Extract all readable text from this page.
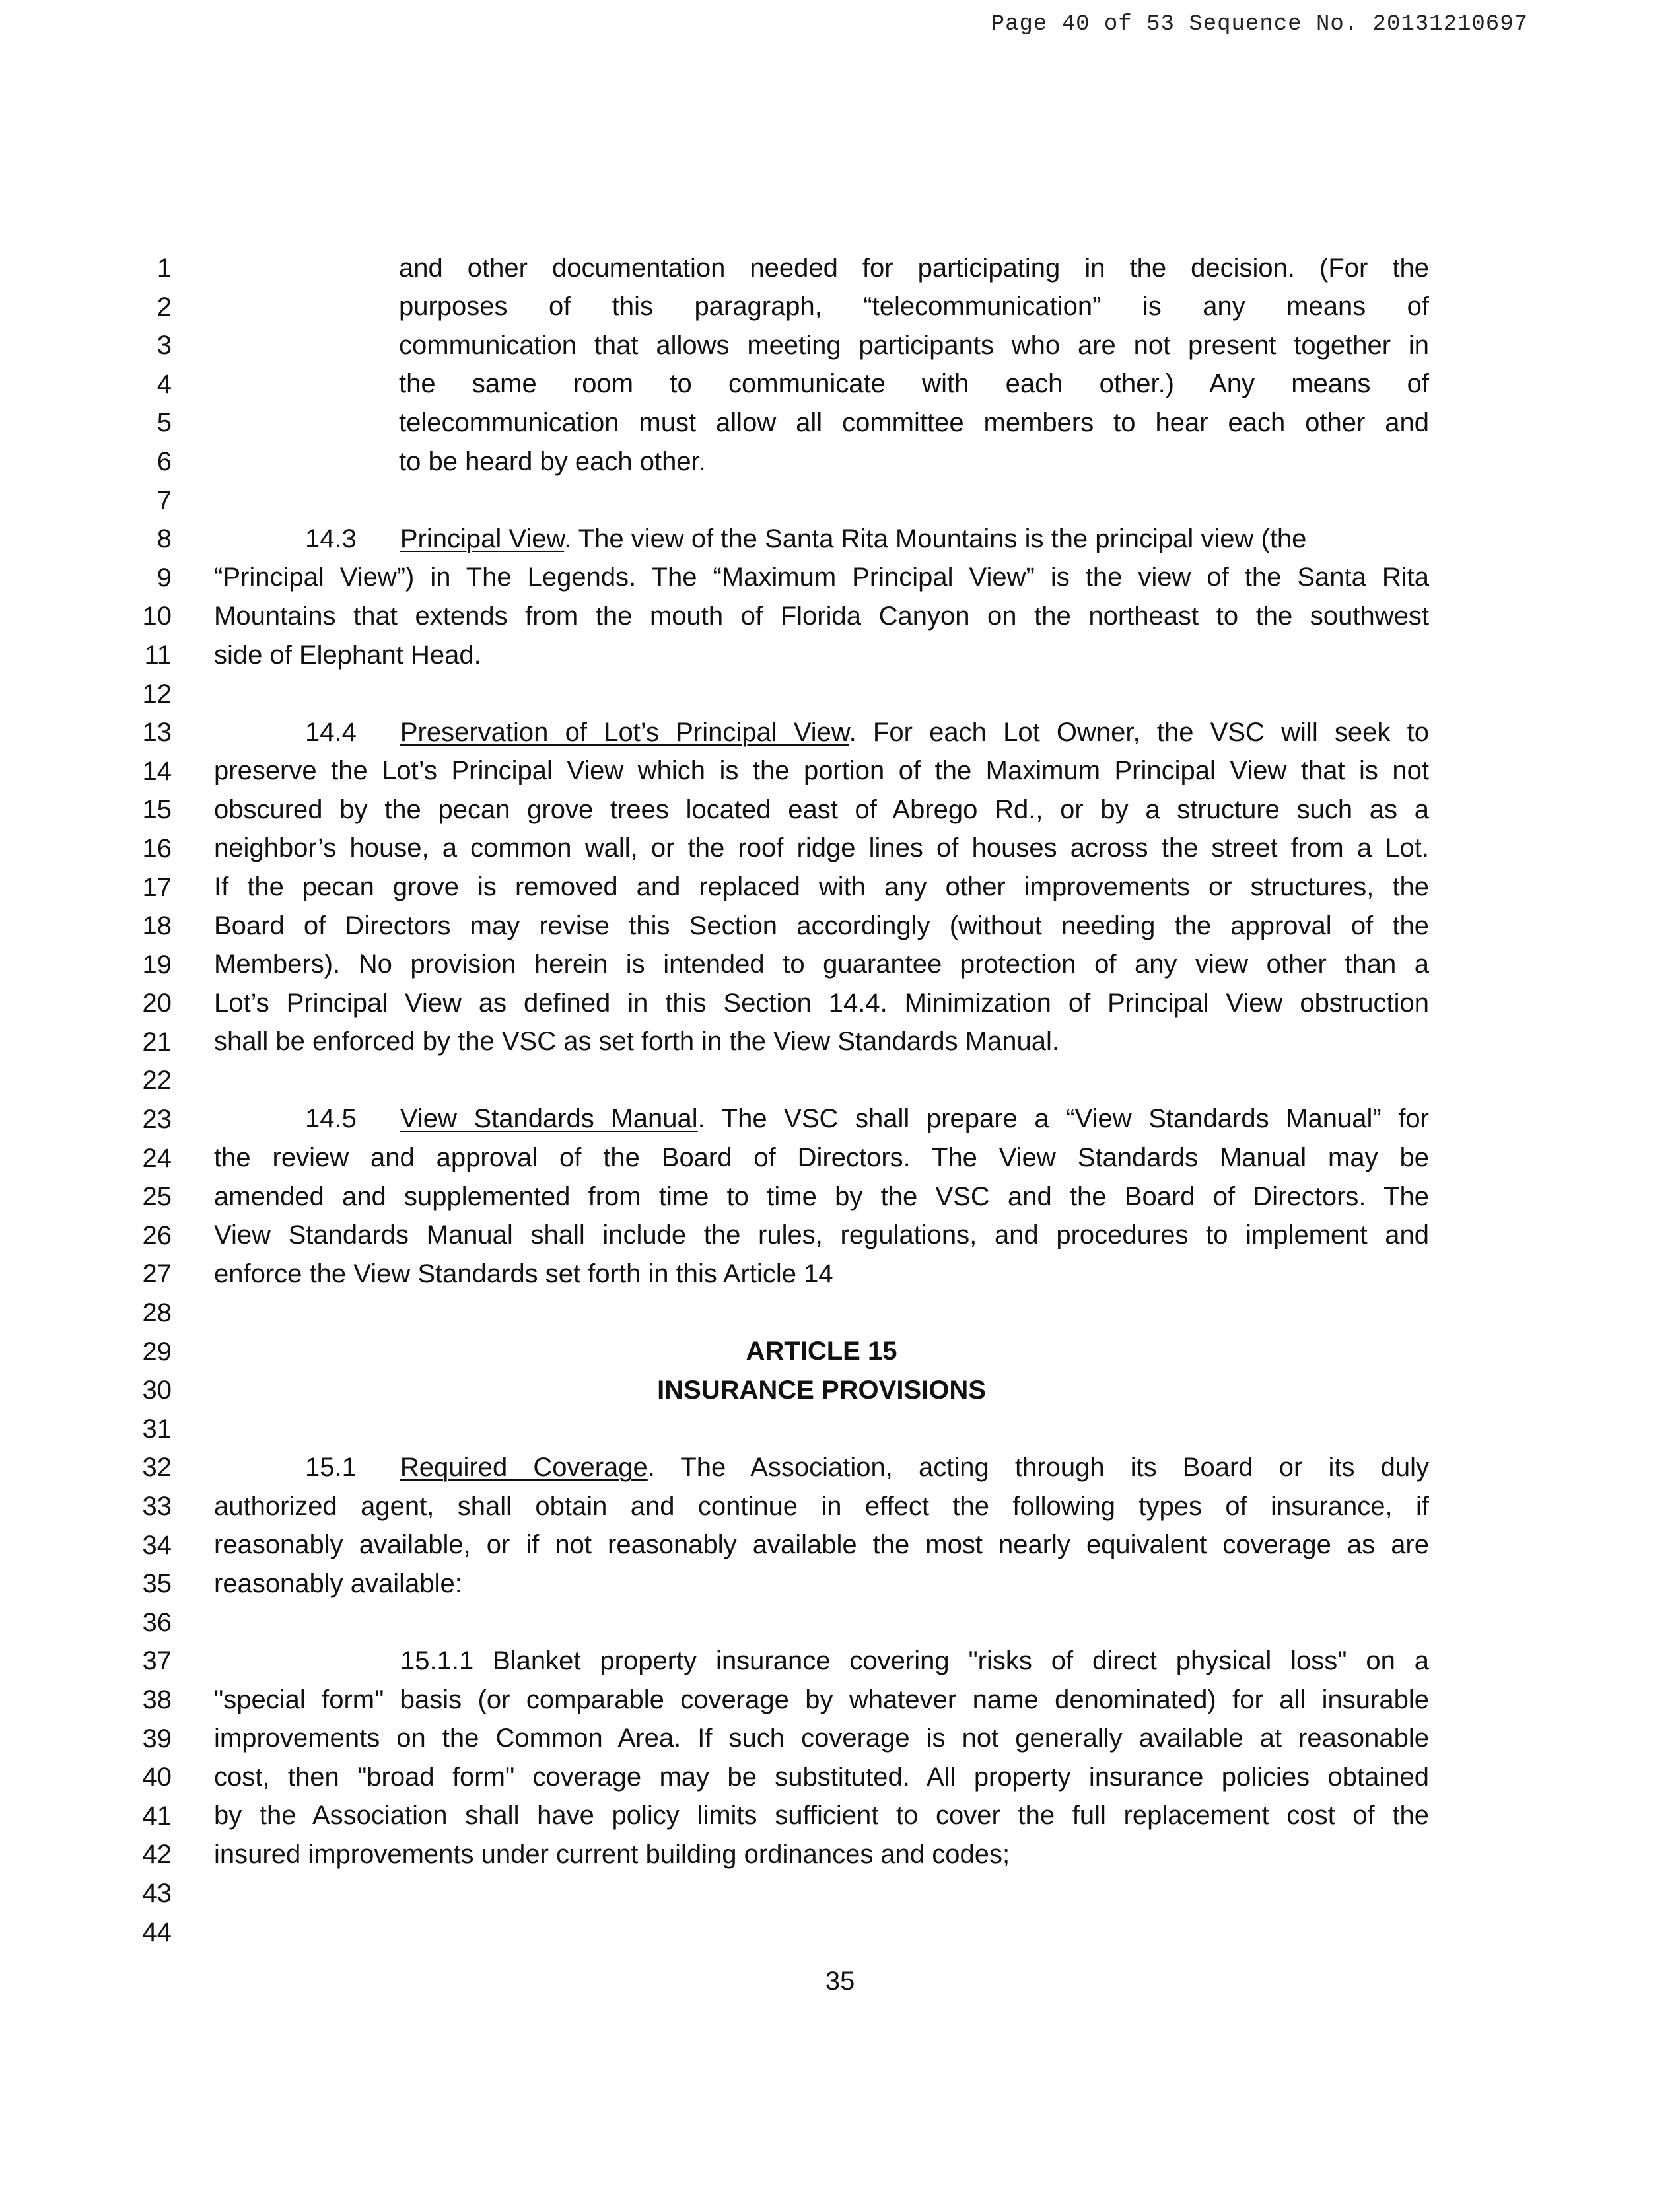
Page 40 of 53 Sequence No. 20131210697
1
2
3
4
5
6
7
8
9
10
11
12
13
14
15
16
17
18
19
20
21
22
23
24
25
26
27
28
29
30
31
32
33
34
35
36
37
38
39
40
41
42
43
44
and other documentation needed for participating in the decision. (For the
purposes of this paragraph, “telecommunication” is any means of
communication that allows meeting participants who are not present together in
the same room to communicate with each other.) Any means of
telecommunication must allow all committee members to hear each other and
to be heard by each other.
14.3 Principal View. The view of the Santa Rita Mountains is the principal view (the
“Principal View”) in The Legends. The “Maximum Principal View” is the view of the Santa Rita
Mountains that extends from the mouth of Florida Canyon on the northeast to the southwest
side of Elephant Head.
14.4 Preservation of Lot’s Principal View. For each Lot Owner, the VSC will seek to
preserve the Lot’s Principal View which is the portion of the Maximum Principal View that is not
obscured by the pecan grove trees located east of Abrego Rd., or by a structure such as a
neighbor’s house, a common wall, or the roof ridge lines of houses across the street from a Lot.
If the pecan grove is removed and replaced with any other improvements or structures, the
Board of Directors may revise this Section accordingly (without needing the approval of the
Members). No provision herein is intended to guarantee protection of any view other than a
Lot’s Principal View as defined in this Section 14.4. Minimization of Principal View obstruction
shall be enforced by the VSC as set forth in the View Standards Manual.
14.5 View Standards Manual. The VSC shall prepare a “View Standards Manual” for
the review and approval of the Board of Directors. The View Standards Manual may be
amended and supplemented from time to time by the VSC and the Board of Directors. The
View Standards Manual shall include the rules, regulations, and procedures to implement and
enforce the View Standards set forth in this Article 14
ARTICLE 15
INSURANCE PROVISIONS
15.1 Required Coverage. The Association, acting through its Board or its duly
authorized agent, shall obtain and continue in effect the following types of insurance, if
reasonably available, or if not reasonably available the most nearly equivalent coverage as are
reasonably available:
15.1.1 Blanket property insurance covering "risks of direct physical loss" on a
"special form" basis (or comparable coverage by whatever name denominated) for all insurable
improvements on the Common Area. If such coverage is not generally available at reasonable
cost, then "broad form" coverage may be substituted. All property insurance policies obtained
by the Association shall have policy limits sufficient to cover the full replacement cost of the
insured improvements under current building ordinances and codes;
35
